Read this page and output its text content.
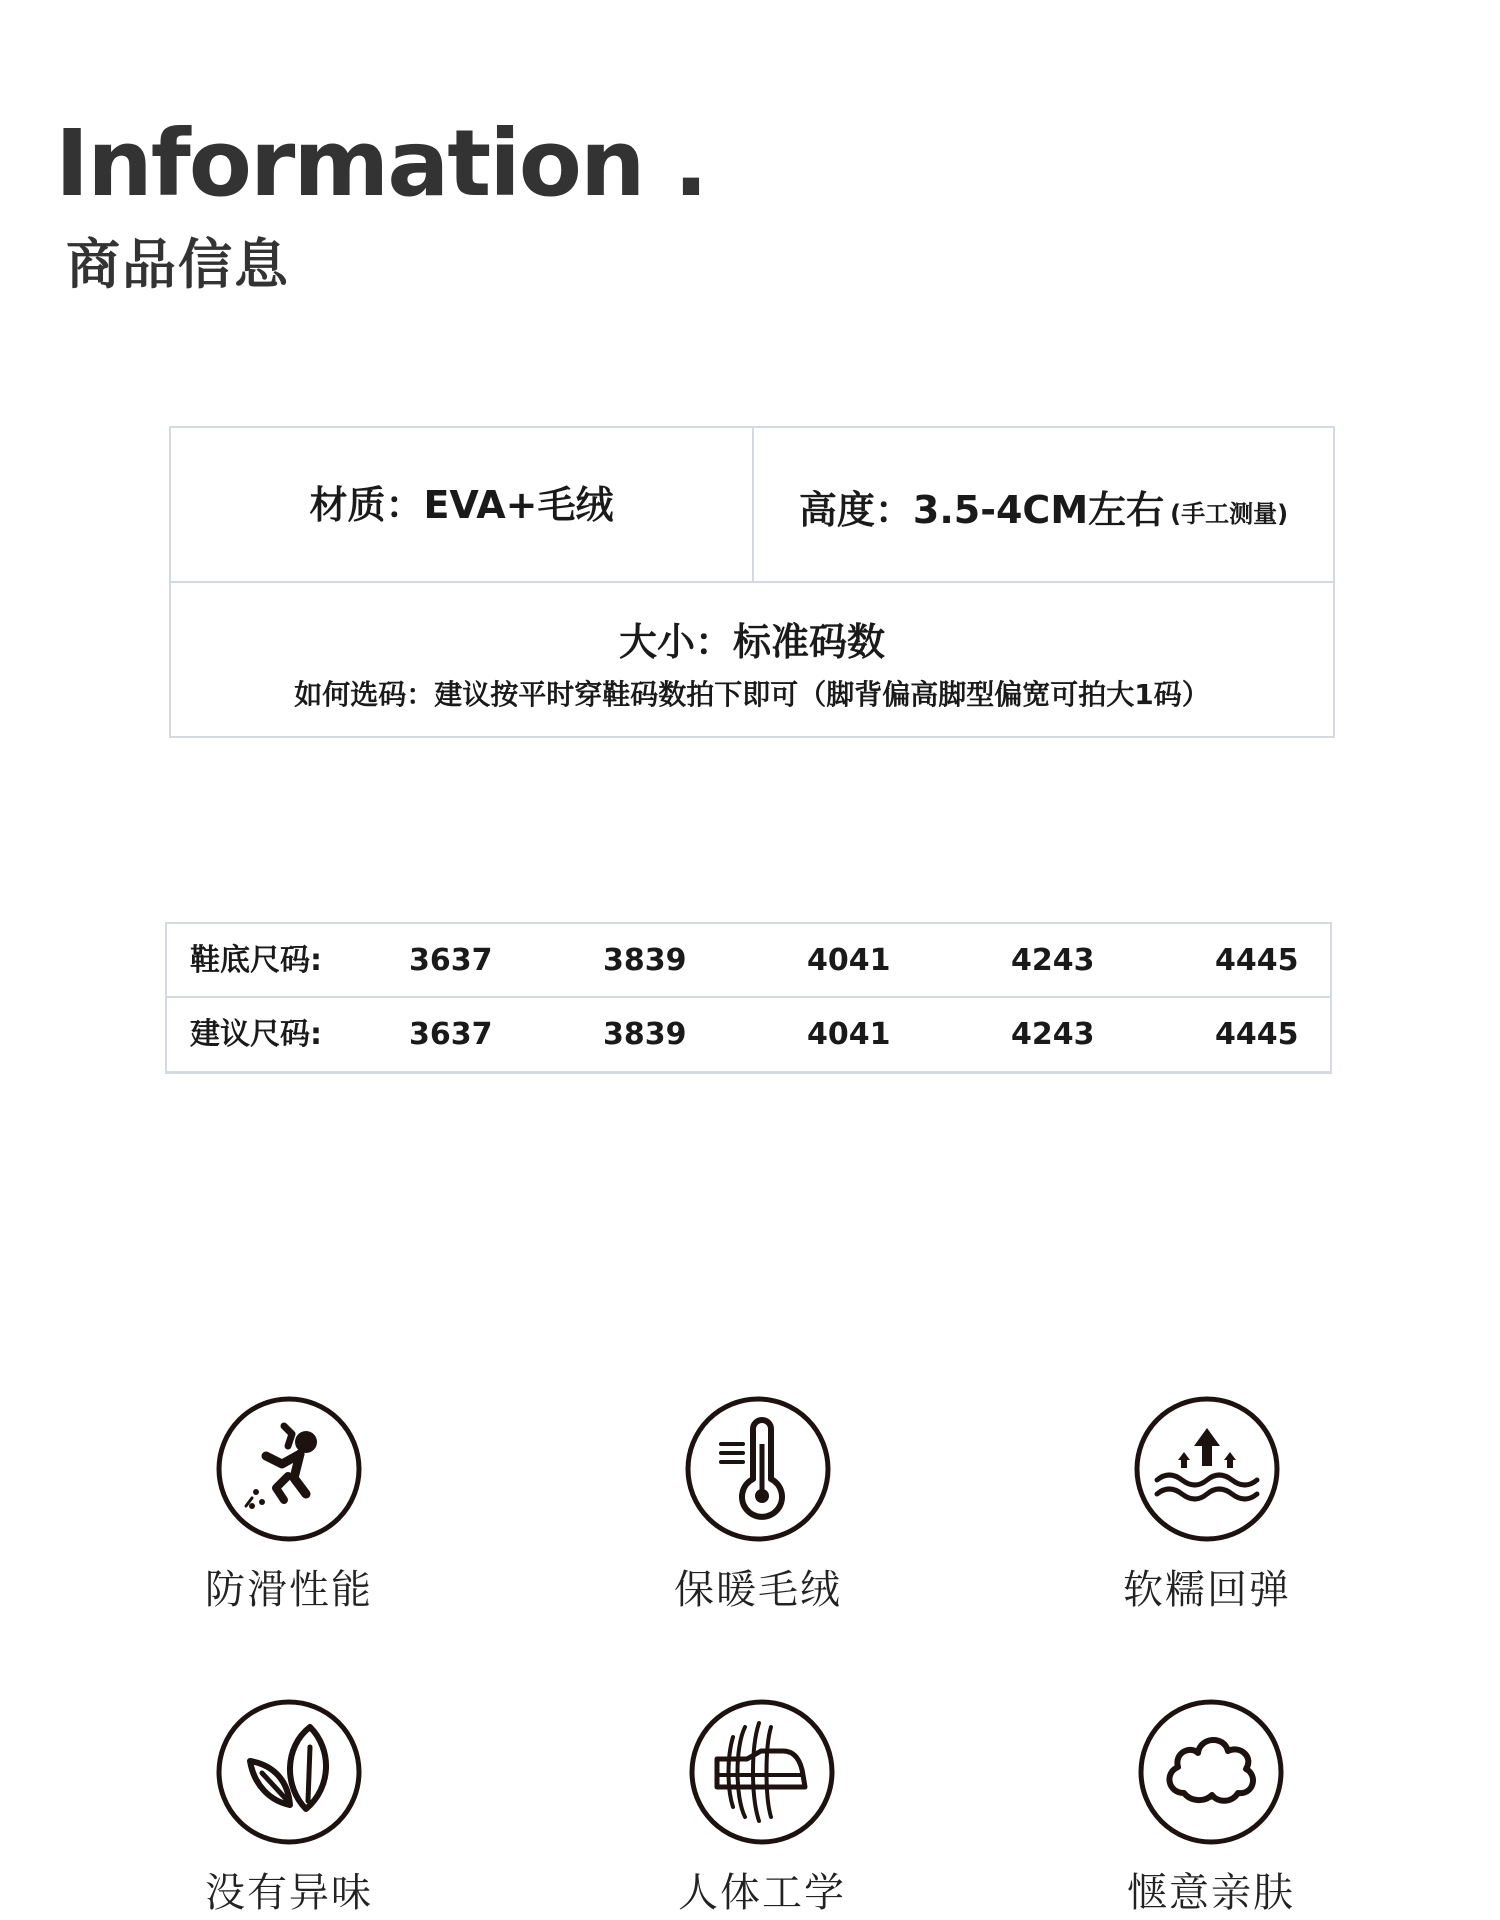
Information .
商品信息
材质：EVA+毛绒	高度：3.5-4CM左右 (手工测量)
大小：标准码数
如何选码：建议按平时穿鞋码数拍下即可（脚背偏高脚型偏宽可拍大1码）
鞋底尺码:	3637	3839	4041	4243	4445
建议尺码:	3637	3839	4041	4243	4445
防滑性能	保暖毛绒	软糯回弹
没有异味	人体工学	惬意亲肤
